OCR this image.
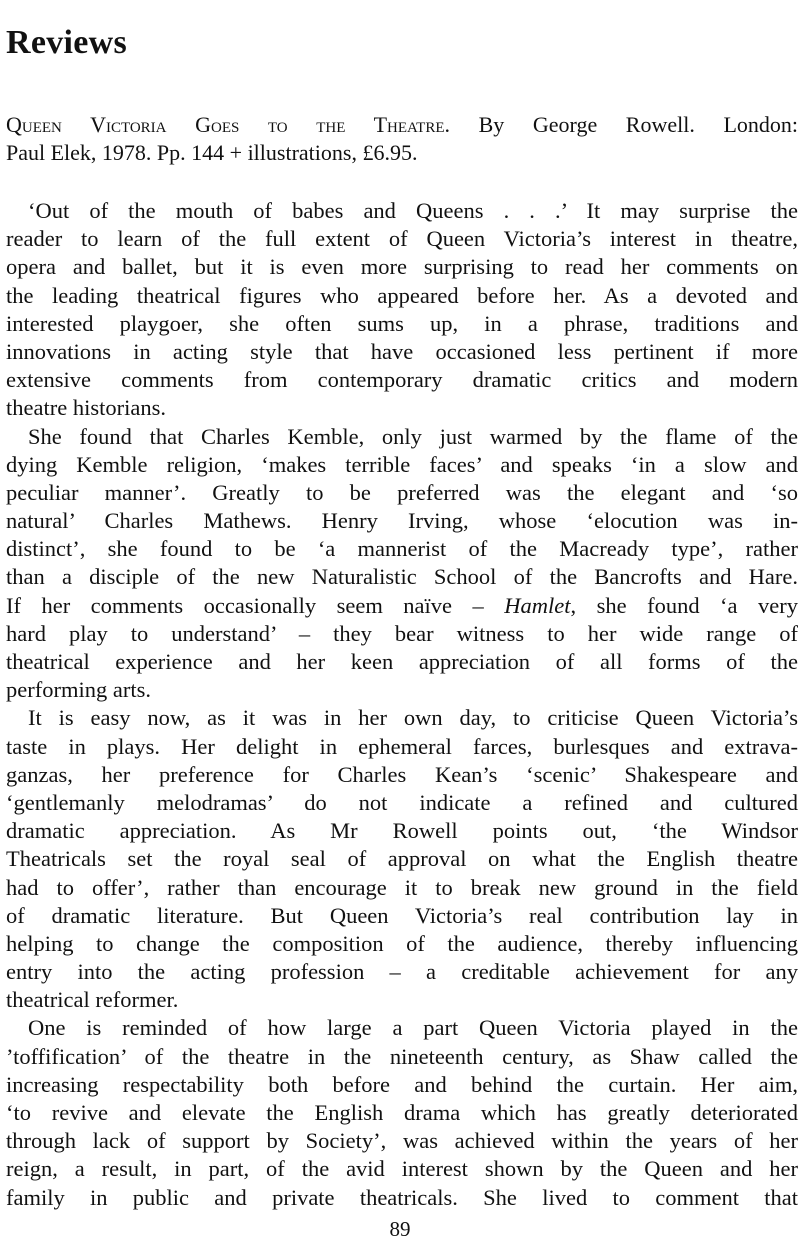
Reviews
Queen Victoria Goes to the Theatre. By George Rowell. London:
Paul Elek, 1978. Pp. 144 + illustrations, £6.95.
‘Out of the mouth of babes and Queens . . .’ It may surprise the
reader to learn of the full extent of Queen Victoria’s interest in theatre,
opera and ballet, but it is even more surprising to read her comments on
the leading theatrical figures who appeared before her. As a devoted and
interested playgoer, she often sums up, in a phrase, traditions and
innovations in acting style that have occasioned less pertinent if more
extensive comments from contemporary dramatic critics and modern
theatre historians.
She found that Charles Kemble, only just warmed by the flame of the
dying Kemble religion, ‘makes terrible faces’ and speaks ‘in a slow and
peculiar manner’. Greatly to be preferred was the elegant and ‘so
natural’ Charles Mathews. Henry Irving, whose ‘elocution was in-
distinct’, she found to be ‘a mannerist of the Macready type’, rather
than a disciple of the new Naturalistic School of the Bancrofts and Hare.
If her comments occasionally seem naïve – Hamlet, she found ‘a very
hard play to understand’ – they bear witness to her wide range of
theatrical experience and her keen appreciation of all forms of the
performing arts.
It is easy now, as it was in her own day, to criticise Queen Victoria’s
taste in plays. Her delight in ephemeral farces, burlesques and extrava-
ganzas, her preference for Charles Kean’s ‘scenic’ Shakespeare and
‘gentlemanly melodramas’ do not indicate a refined and cultured
dramatic appreciation. As Mr Rowell points out, ‘the Windsor
Theatricals set the royal seal of approval on what the English theatre
had to offer’, rather than encourage it to break new ground in the field
of dramatic literature. But Queen Victoria’s real contribution lay in
helping to change the composition of the audience, thereby influencing
entry into the acting profession – a creditable achievement for any
theatrical reformer.
One is reminded of how large a part Queen Victoria played in the
’toffification’ of the theatre in the nineteenth century, as Shaw called the
increasing respectability both before and behind the curtain. Her aim,
‘to revive and elevate the English drama which has greatly deteriorated
through lack of support by Society’, was achieved within the years of her
reign, a result, in part, of the avid interest shown by the Queen and her
family in public and private theatricals. She lived to comment that
89
